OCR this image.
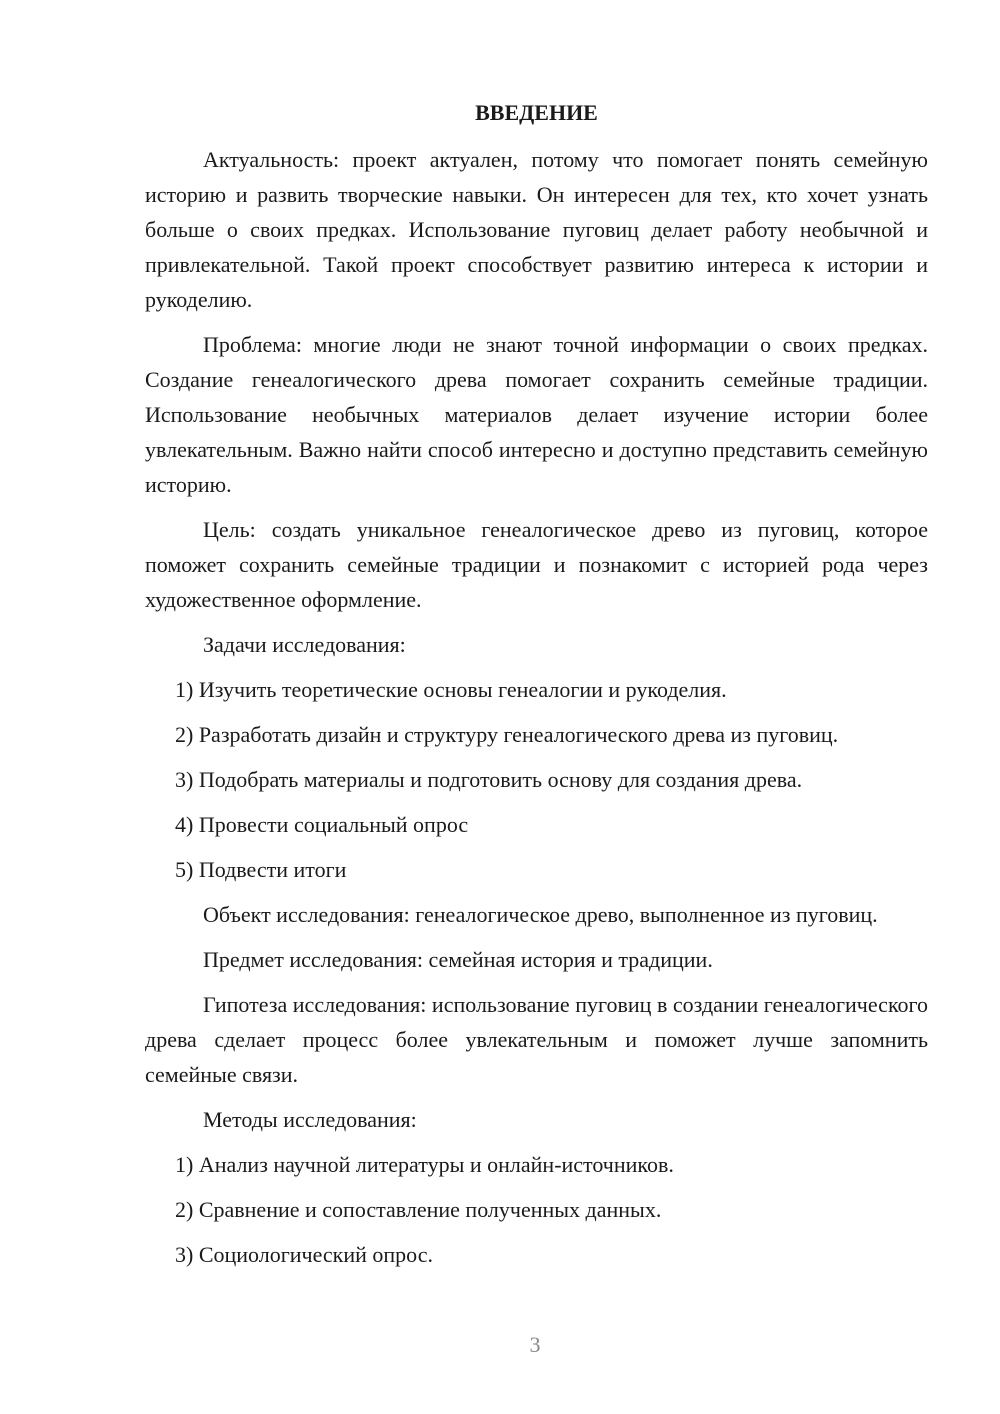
ВВЕДЕНИЕ

Актуальность: проект актуален, потому что помогает понять семейную историю и развить творческие навыки. Он интересен для тех, кто хочет узнать больше о своих предках. Использование пуговиц делает работу необычной и привлекательной. Такой проект способствует развитию интереса к истории и рукоделию.

Проблема: многие люди не знают точной информации о своих предках. Создание генеалогического древа помогает сохранить семейные традиции. Использование необычных материалов делает изучение истории более увлекательным. Важно найти способ интересно и доступно представить семейную историю.

Цель: создать уникальное генеалогическое древо из пуговиц, которое поможет сохранить семейные традиции и познакомит с историей рода через художественное оформление.

Задачи исследования:

1) Изучить теоретические основы генеалогии и рукоделия.
2) Разработать дизайн и структуру генеалогического древа из пуговиц.
3) Подобрать материалы и подготовить основу для создания древа.
4) Провести социальный опрос
5) Подвести итоги

Объект исследования: генеалогическое древо, выполненное из пуговиц.

Предмет исследования: семейная история и традиции.

Гипотеза исследования: использование пуговиц в создании генеалогического древа сделает процесс более увлекательным и поможет лучше запомнить семейные связи.

Методы исследования:

1) Анализ научной литературы и онлайн-источников.
2) Сравнение и сопоставление полученных данных.
3) Социологический опрос.
3
